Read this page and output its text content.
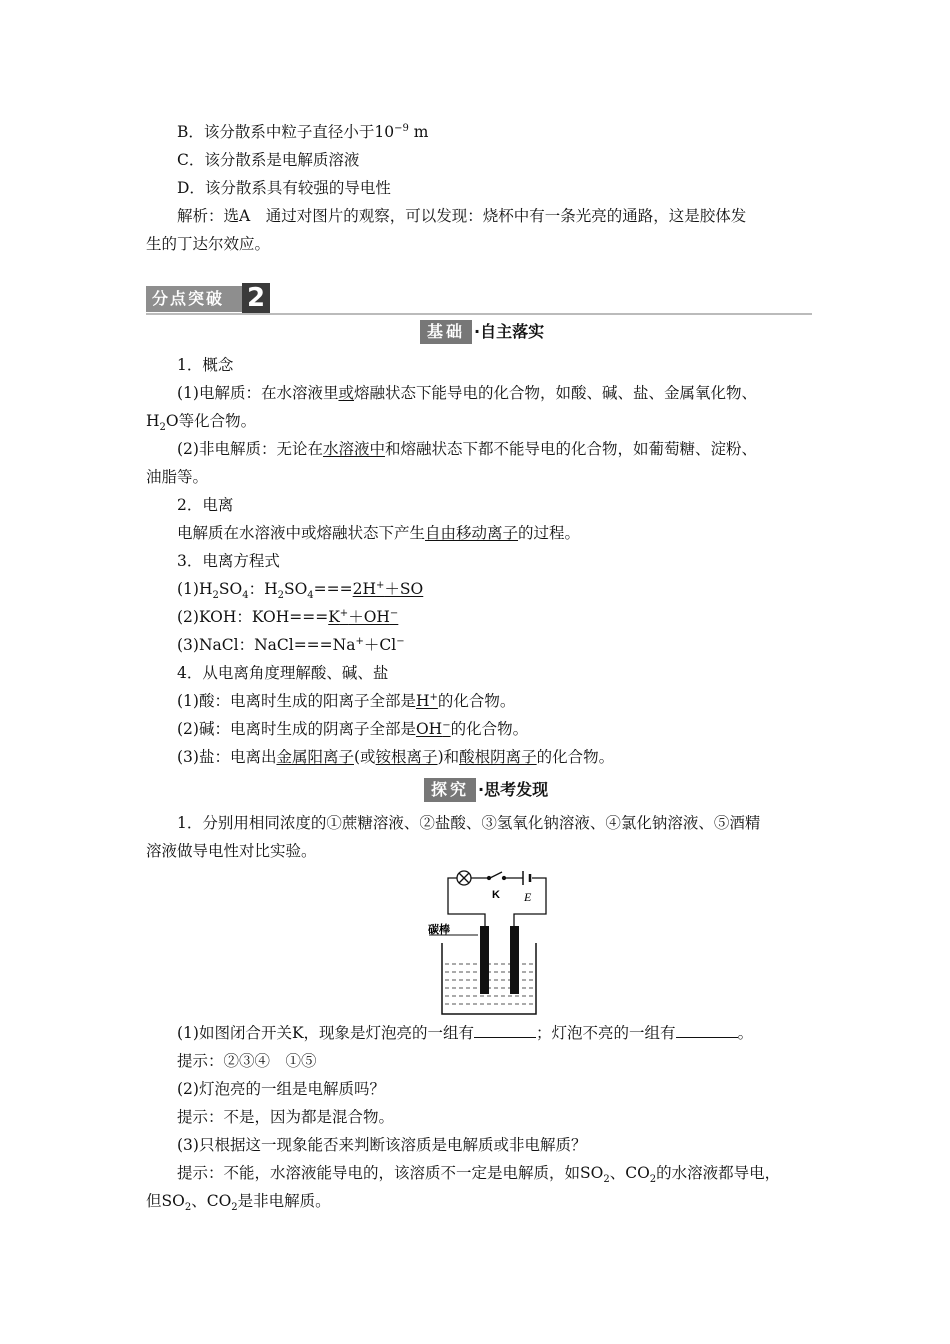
B．该分散系中粒子直径小于$10^{-9}$ m
C．该分散系是电解质溶液
D．该分散系具有较强的导电性
解析：选A　通过对图片的观察，可以发现：烧杯中有一条光亮的通路，这是胶体发
生的丁达尔效应。
分点突破 2
基础 ·自主落实
1．概念
(1)电解质：在水溶液里或熔融状态下能导电的化合物，如酸、碱、盐、金属氧化物、
$H_2O$等化合物。
(2)非电解质：无论在水溶液中和熔融状态下都不能导电的化合物，如葡萄糖、淀粉、
油脂等。
2．电离
电解质在水溶液中或熔融状态下产生自由移动离子的过程。
3．电离方程式
$(1)H_2SO_4$：$H_2SO_4===2H^++SO$
(2)KOH：KOH===K+＋OH−
(3)NaCl：NaCl===Na+＋Cl−
4．从电离角度理解酸、碱、盐
(1)酸：电离时生成的阳离子全部是H+的化合物。
(2)碱：电离时生成的阴离子全部是OH−的化合物。
(3)盐：电离出金属阳离子(或铵根离子)和酸根阴离子的化合物。
探究 ·思考发现
1．分别用相同浓度的①蔗糖溶液、②盐酸、③氢氧化钠溶液、④氯化钠溶液、⑤酒精
溶液做导电性对比实验。
K E
碳棒
(1)如图闭合开关K，现象是灯泡亮的一组有	；灯泡不亮的一组有	。
提示：②③④　①⑤
(2)灯泡亮的一组是电解质吗？
提示：不是，因为都是混合物。
(3)只根据这一现象能否来判断该溶质是电解质或非电解质？
提示：不能，水溶液能导电的，该溶质不一定是电解质，如$SO_2$、$CO_2$的水溶液都导电，
但$SO_2$、$CO_2$是非电解质。
